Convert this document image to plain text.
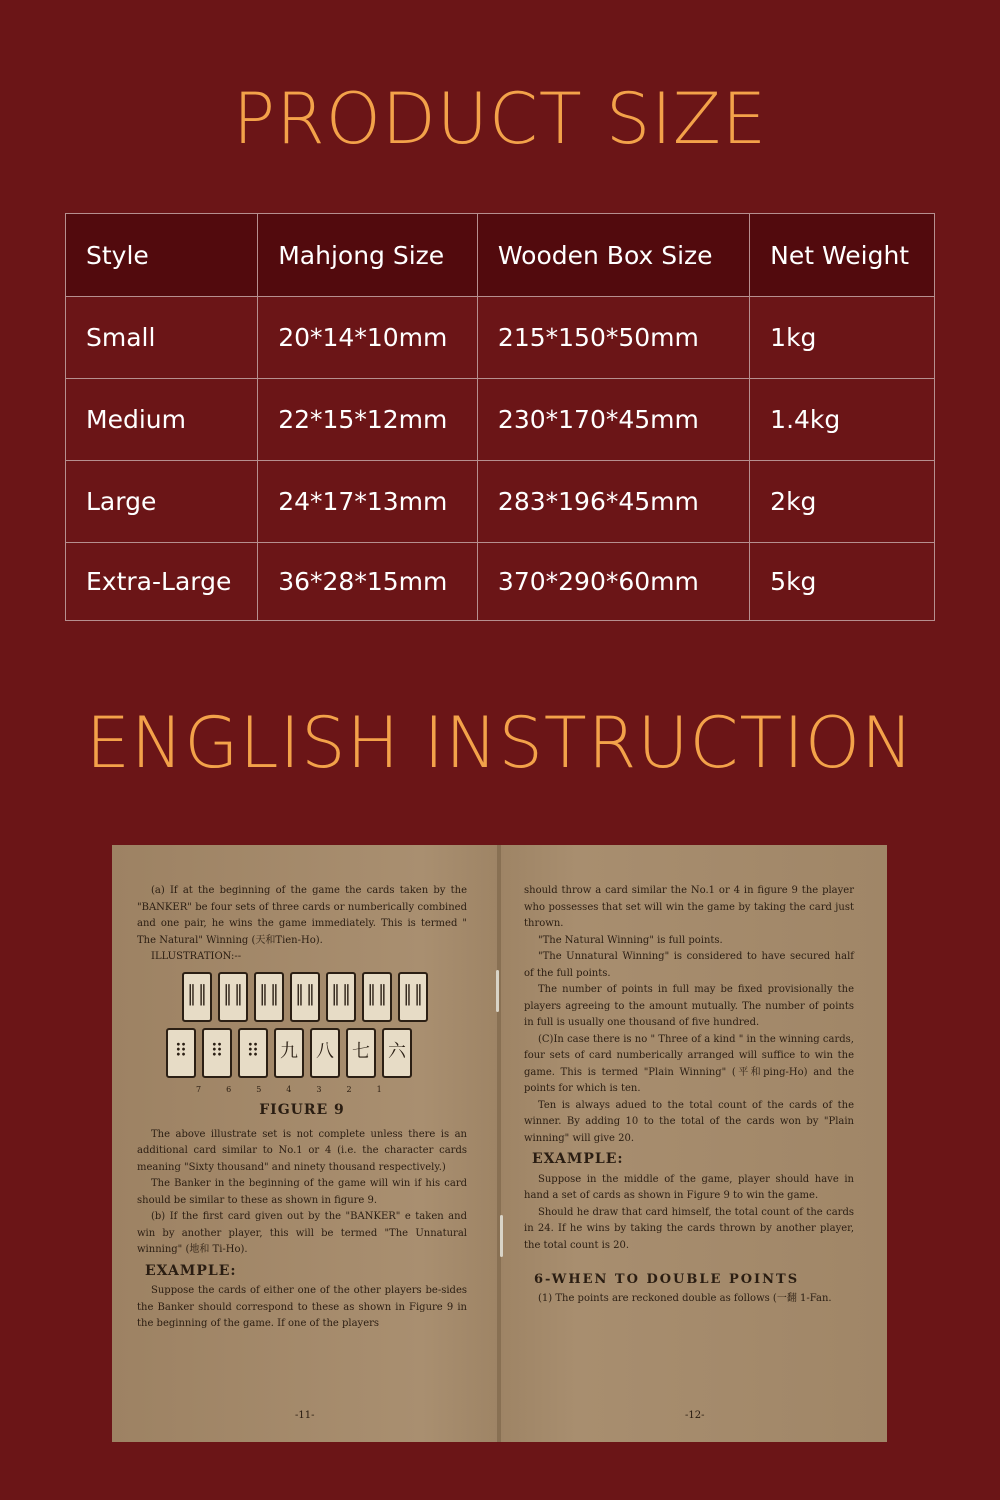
PRODUCT SIZE
Style	Mahjong Size	Wooden Box Size	Net Weight
Small	20*14*10mm	215*150*50mm	1kg
Medium	22*15*12mm	230*170*45mm	1.4kg
Large	24*17*13mm	283*196*45mm	2kg
Extra-Large	36*28*15mm	370*290*60mm	5kg
ENGLISH INSTRUCTION

(a) If at the beginning of the game the cards taken by the "BANKER" be four sets of three cards or numberically combined and one pair, he wins the game immediately. This is termed " The Natural" Winning (天和Tien-Ho).

ILLUSTRATION:--

║║ ║║ ║║ ║║ ║║ ║║ ║║
⠿	⠿	⠿	九	八	七	六
7	6	5	4	3	2	1

FIGURE 9

The above illustrate set is not complete unless there is an additional card similar to No.1 or 4 (i.e. the character cards meaning "Sixty thousand" and ninety thousand respectively.)

The Banker in the beginning of the game will win if his card should be similar to these as shown in figure 9.

(b) If the first card given out by the "BANKER" e taken and win by another player, this will be termed "The Unnatural winning" (地和 Ti-Ho).

EXAMPLE:

Suppose the cards of either one of the other players be-sides the Banker should correspond to these as shown in Figure 9 in the beginning of the game. If one of the players

should throw a card similar the No.1 or 4 in figure 9 the player who possesses that set will win the game by taking the card just thrown.

"The Natural Winning" is full points.

"The Unnatural Winning" is considered to have secured half of the full points.

The number of points in full may be fixed provisionally the players agreeing to the amount mutually. The number of points in full is usually one thousand of five hundred.

(C)In case there is no " Three of a kind " in the winning cards, four sets of card numberically arranged will suffice to win the game. This is termed "Plain Winning" (平和ping-Ho) and the points for which is ten.

Ten is always adued to the total count of the cards of the winner. By adding 10 to the total of the cards won by "Plain winning" will give 20.

EXAMPLE:

Suppose in the middle of the game, player should have in hand a set of cards as shown in Figure 9 to win the game.

Should he draw that card himself, the total count of the cards in 24. If he wins by taking the cards thrown by another player, the total count is 20.

6-WHEN TO DOUBLE POINTS

(1) The points are reckoned double as follows (一翻 1-Fan.

-11-	-12-
